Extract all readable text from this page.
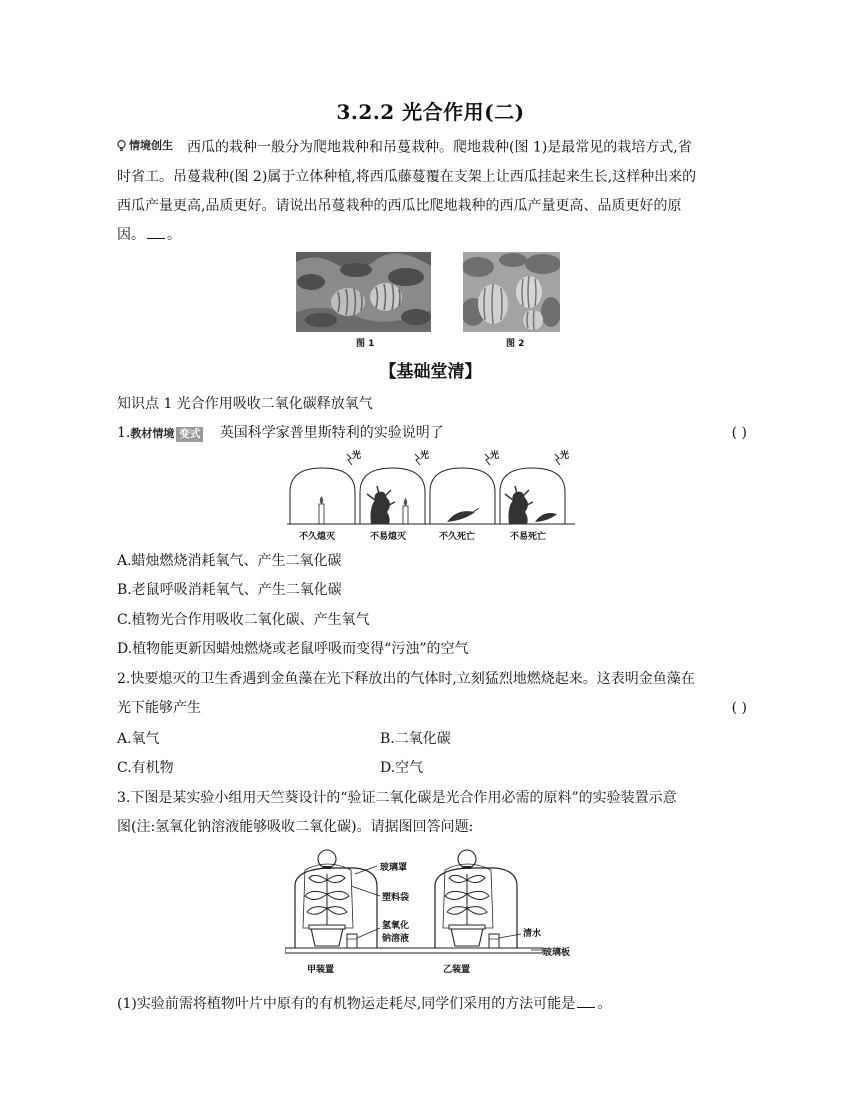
3.2.2 光合作用(二)
情境创生 西瓜的栽种一般分为爬地栽种和吊蔓栽种。爬地栽种(图 1)是最常见的栽培方式,省
时省工。吊蔓栽种(图 2)属于立体种植,将西瓜藤蔓覆在支架上让西瓜挂起来生长,这样种出来的
西瓜产量更高,品质更好。请说出吊蔓栽种的西瓜比爬地栽种的西瓜产量更高、品质更好的原
因。 。
图 1	图 2
【基础堂清】
知识点 1 光合作用吸收二氧化碳释放氧气
1. 教材情境 变式 英国科学家普里斯特利的实验说明了	( )
光	光	光	光
不久熄灭	不易熄灭	不久死亡	不易死亡
A.蜡烛燃烧消耗氧气、产生二氧化碳
B.老鼠呼吸消耗氧气、产生二氧化碳
C.植物光合作用吸收二氧化碳、产生氧气
D.植物能更新因蜡烛燃烧或老鼠呼吸而变得“污浊”的空气
2.快要熄灭的卫生香遇到金鱼藻在光下释放出的气体时,立刻猛烈地燃烧起来。这表明金鱼藻在
光下能够产生	( )
A.氧气	B.二氧化碳
C.有机物	D.空气
3.下图是某实验小组用天竺葵设计的“验证二氧化碳是光合作用必需的原料”的实验装置示意
图(注:氢氧化钠溶液能够吸收二氧化碳)。请据图回答问题:
玻璃罩
塑料袋
氢氧化
钠溶液	清水
玻璃板
甲装置	乙装置
(1)实验前需将植物叶片中原有的有机物运走耗尽,同学们采用的方法可能是 。
